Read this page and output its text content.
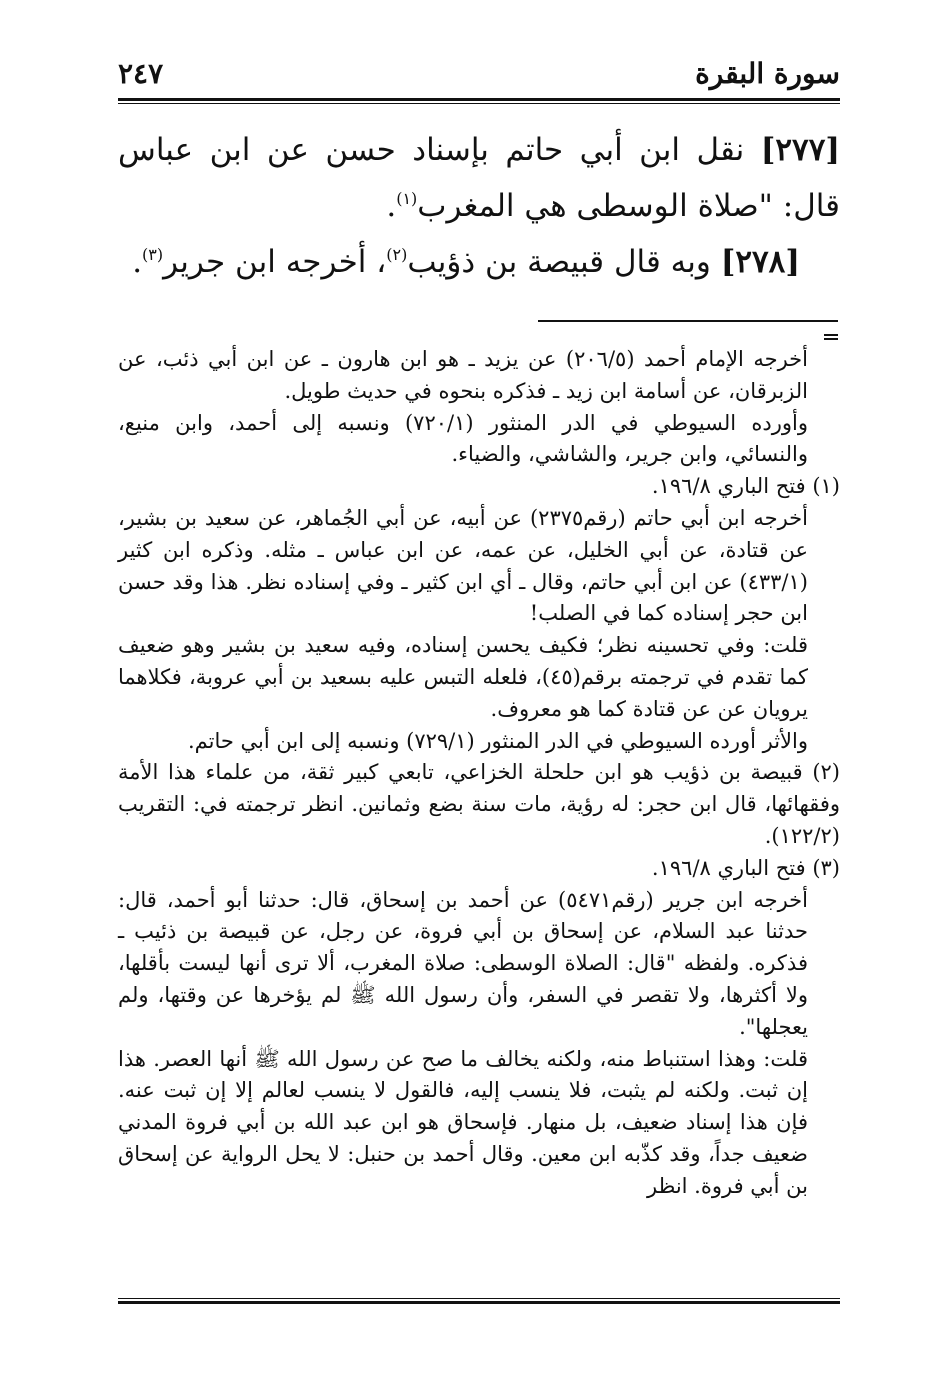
سورة البقرة
٢٤٧

[٢٧٧] نقل ابن أبي حاتم بإسناد حسن عن ابن عباس قال: "صلاة الوسطى هي المغرب$^{(١)}$.

[٢٧٨] وبه قال قبيصة بن ذؤيب$^{(٢)}$، أخرجه ابن جرير$^{(٣)}$.

أخرجه الإمام أحمد (٢٠٦/٥) عن يزيد ـ هو ابن هارون ـ عن ابن أبي ذئب، عن الزبرقان، عن أسامة ابن زيد ـ فذكره بنحوه في حديث طويل.

وأورده السيوطي في الدر المنثور (٧٢٠/١) ونسبه إلى أحمد، وابن منيع، والنسائي، وابن جرير، والشاشي، والضياء.

(١) فتح الباري ١٩٦/٨.

أخرجه ابن أبي حاتم (رقم٢٣٧٥) عن أبيه، عن أبي الجُماهر، عن سعيد بن بشير، عن قتادة، عن أبي الخليل، عن عمه، عن ابن عباس ـ مثله. وذكره ابن كثير (٤٣٣/١) عن ابن أبي حاتم، وقال ـ أي ابن كثير ـ وفي إسناده نظر. هذا وقد حسن ابن حجر إسناده كما في الصلب!

قلت: وفي تحسينه نظر؛ فكيف يحسن إسناده، وفيه سعيد بن بشير وهو ضعيف كما تقدم في ترجمته برقم(٤٥)، فلعله التبس عليه بسعيد بن أبي عروبة، فكلاهما يرويان عن عن قتادة كما هو معروف.

والأثر أورده السيوطي في الدر المنثور (٧٢٩/١) ونسبه إلى ابن أبي حاتم.

(٢) قبيصة بن ذؤيب هو ابن حلحلة الخزاعي، تابعي كبير ثقة، من علماء هذا الأمة وفقهائها، قال ابن حجر: له رؤية، مات سنة بضع وثمانين. انظر ترجمته في: التقريب (١٢٢/٢).

(٣) فتح الباري ١٩٦/٨.

أخرجه ابن جرير (رقم٥٤٧١) عن أحمد بن إسحاق، قال: حدثنا أبو أحمد، قال: حدثنا عبد السلام، عن إسحاق بن أبي فروة، عن رجل، عن قبيصة بن ذئيب ـ فذكره. ولفظه "قال: الصلاة الوسطى: صلاة المغرب، ألا ترى أنها ليست بأقلها، ولا أكثرها، ولا تقصر في السفر، وأن رسول الله ﷺ لم يؤخرها عن وقتها، ولم يعجلها".

قلت: وهذا استنباط منه، ولكنه يخالف ما صح عن رسول الله ﷺ أنها العصر. هذا إن ثبت. ولكنه لم يثبت، فلا ينسب إليه، فالقول لا ينسب لعالم إلا إن ثبت عنه. فإن هذا إسناد ضعيف، بل منهار. فإسحاق هو ابن عبد الله بن أبي فروة المدني ضعيف جداً، وقد كذّبه ابن معين. وقال أحمد بن حنبل: لا يحل الرواية عن إسحاق بن أبي فروة. انظر
